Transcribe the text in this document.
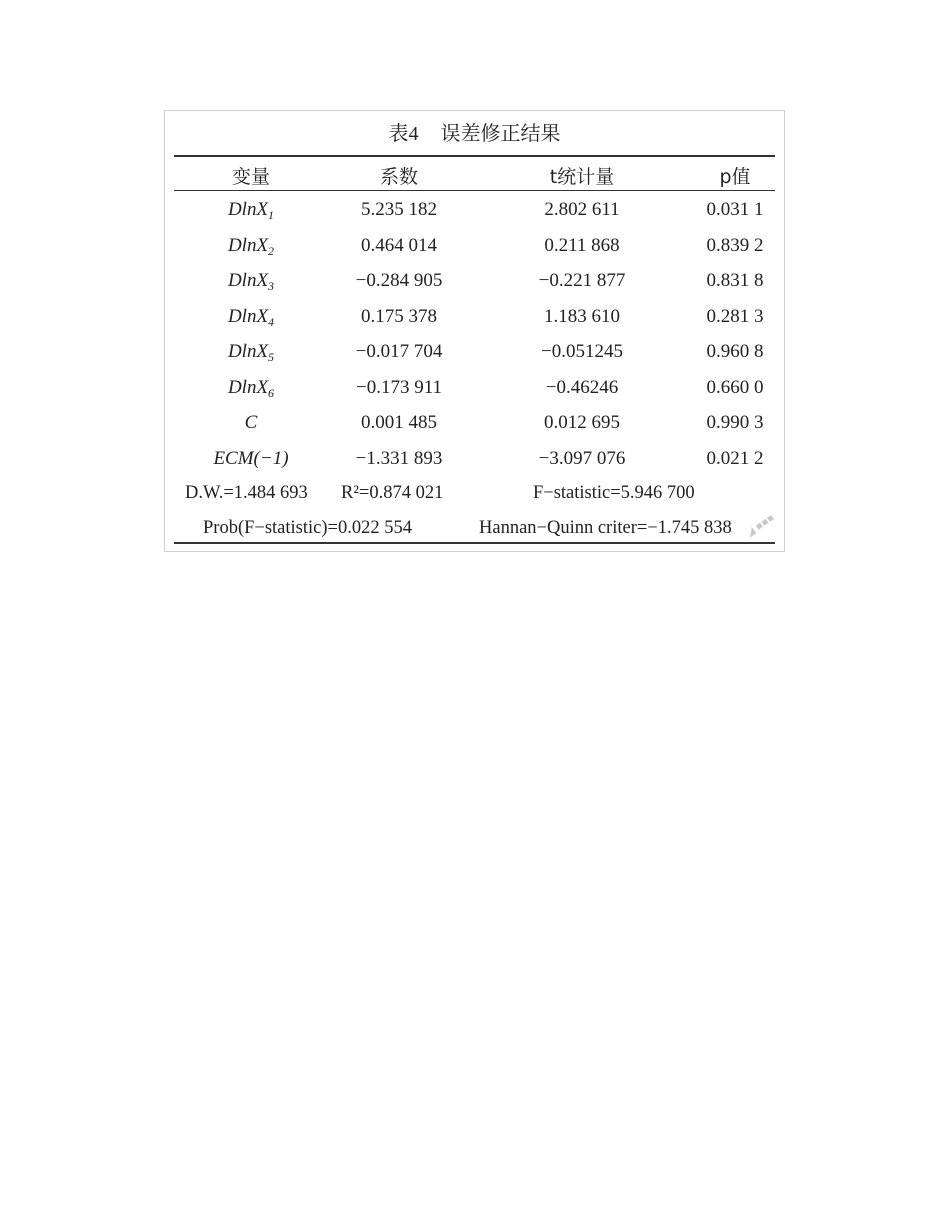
表4 误差修正结果
变量	系数	t统计量	p值
DlnX$_1$	5.235 182	2.802 611	0.031 1
DlnX$_2$	0.464 014	0.211 868	0.839 2
DlnX$_3$	−0.284 905	−0.221 877	0.831 8
DlnX$_4$	0.175 378	1.183 610	0.281 3
DlnX$_5$	−0.017 704	−0.051245	0.960 8
DlnX$_6$	−0.173 911	−0.46246	0.660 0
C	0.001 485	0.012 695	0.990 3
ECM(−1)	−1.331 893	−3.097 076	0.021 2
D.W.=1.484 693 R²=0.874 021	F−statistic=5.946 700
Prob(F−statistic)=0.022 554	Hannan−Quinn criter=−1.745 838 ◢ ▪▪▪
